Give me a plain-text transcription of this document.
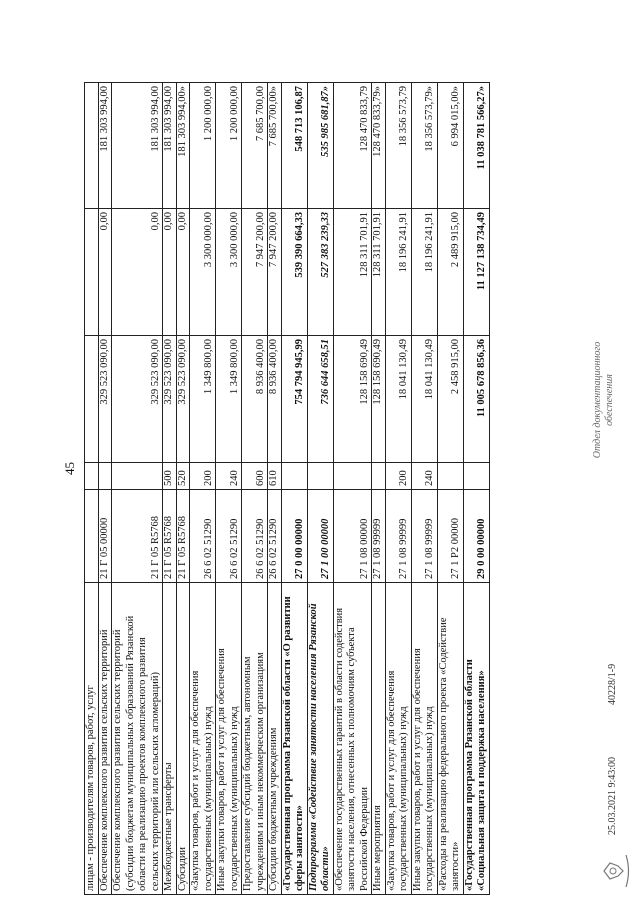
45
лицам - производителям товаров, работ, услуг					
Обеспечение комплексного развития сельских территорий	21 Г 05 00000		329 523 090,00	0,00	181 303 994,00
Обеспечение комплексного развития сельских территорий
(субсидии бюджетам муниципальных образований Рязанской
области на реализацию проектов комплексного развития
сельских территорий или сельских агломераций)	21 Г 05 R5768		329 523 090,00	0,00	181 303 994,00
Межбюджетные трансферты	21 Г 05 R5768	500	329 523 090,00	0,00	181 303 994,00
Субсидии	21 Г 05 R5768	520	329 523 090,00	0,00	181 303 994,00»
«Закупка товаров, работ и услуг для обеспечения
государственных (муниципальных) нужд	26 6 02 51290	200	1 349 800,00	3 300 000,00	1 200 000,00
Иные закупки товаров, работ и услуг для обеспечения
государственных (муниципальных) нужд	26 6 02 51290	240	1 349 800,00	3 300 000,00	1 200 000,00
Предоставление субсидий бюджетным, автономным
учреждениям и иным некоммерческим организациям	26 6 02 51290	600	8 936 400,00	7 947 200,00	7 685 700,00
Субсидии бюджетным учреждениям	26 6 02 51290	610	8 936 400,00	7 947 200,00	7 685 700,00»
«Государственная программа Рязанской области «О развитии
сферы занятости»	27 0 00 00000		754 794 945,99	539 390 664,33	548 713 106,87
Подпрограмма «Содействие занятости населения Рязанской
области»	27 1 00 00000		736 644 658,51	527 383 239,33	535 985 681,87»
«Обеспечение государственных гарантий в области содействия
занятости населения, отнесенных к полномочиям субъекта
Российской Федерации	27 1 08 00000		128 158 690,49	128 311 701,91	128 470 833,79
Иные мероприятия	27 1 08 99999		128 158 690,49	128 311 701,91	128 470 833,79»
«Закупка товаров, работ и услуг для обеспечения
государственных (муниципальных) нужд	27 1 08 99999	200	18 041 130,49	18 196 241,91	18 356 573,79
Иные закупки товаров, работ и услуг для обеспечения
государственных (муниципальных) нужд	27 1 08 99999	240	18 041 130,49	18 196 241,91	18 356 573,79»
«Расходы на реализацию федерального проекта «Содействие
занятости»	27 1 Р2 00000		2 458 915,00	2 489 915,00	6 994 015,00»
«Государственная программа Рязанской области
«Социальная защита и поддержка населения»	29 0 00 00000		11 005 678 856,36	11 127 138 734,49	11 038 781 566,27»
25.03.2021 9:43:00
40228/1-9
Отдел документационного обеспечения
